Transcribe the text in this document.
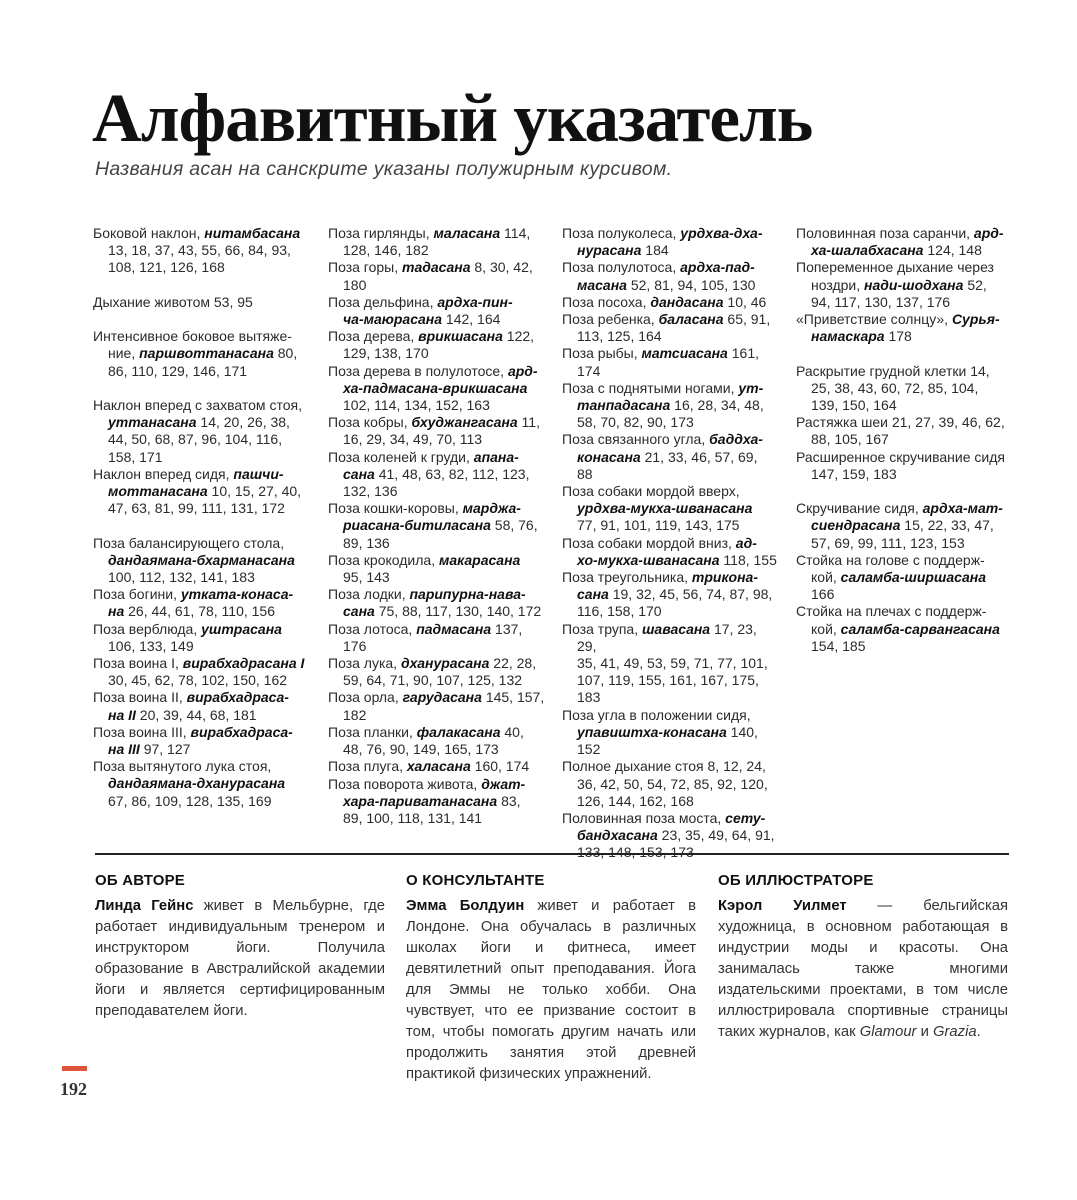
Алфавитный указатель
Названия асан на санскрите указаны полужирным курсивом.

Боковой наклон, нитамбасана
13, 18, 37, 43, 55, 66, 84, 93,
108, 121, 126, 168

Дыхание животом 53, 95

Интенсивное боковое вытяже-
ние, паршвоттанасана 80,
86, 110, 129, 146, 171

Наклон вперед с захватом стоя,
уттанасана 14, 20, 26, 38,
44, 50, 68, 87, 96, 104, 116,
158, 171

Наклон вперед сидя, пашчи-
моттанасана 10, 15, 27, 40,
47, 63, 81, 99, 111, 131, 172

Поза балансирующего стола,
дандаямана-бхарманасана
100, 112, 132, 141, 183

Поза богини, утката-конаса-
на 26, 44, 61, 78, 110, 156

Поза верблюда, уштрасана
106, 133, 149

Поза воина I, вирабхадрасана I
30, 45, 62, 78, 102, 150, 162

Поза воина II, вирабхадраса-
на II 20, 39, 44, 68, 181

Поза воина III, вирабхадраса-
на III 97, 127

Поза вытянутого лука стоя,
дандаямана-дханурасана
67, 86, 109, 128, 135, 169

Поза гирлянды, маласана 114,
128, 146, 182

Поза горы, тадасана 8, 30, 42,
180

Поза дельфина, ардха-пин-
ча-маюрасана 142, 164

Поза дерева, врикшасана 122,
129, 138, 170

Поза дерева в полулотосе, ард-
ха-падмасана-врикшасана
102, 114, 134, 152, 163

Поза кобры, бхуджангасана 11,
16, 29, 34, 49, 70, 113

Поза коленей к груди, апана-
сана 41, 48, 63, 82, 112, 123,
132, 136

Поза кошки-коровы, марджа-
риасана-битиласана 58, 76,
89, 136

Поза крокодила, макарасана
95, 143

Поза лодки, парипурна-нава-
сана 75, 88, 117, 130, 140, 172

Поза лотоса, падмасана 137, 176

Поза лука, дханурасана 22, 28,
59, 64, 71, 90, 107, 125, 132

Поза орла, гарудасана 145, 157,
182

Поза планки, фалакасана 40,
48, 76, 90, 149, 165, 173

Поза плуга, халасана 160, 174

Поза поворота живота, джат-
хара-париватанасана 83,
89, 100, 118, 131, 141

Поза полуколеса, урдхва-дха-
нурасана 184

Поза полулотоса, ардха-пад-
масана 52, 81, 94, 105, 130

Поза посоха, дандасана 10, 46

Поза ребенка, баласана 65, 91,
113, 125, 164

Поза рыбы, матсиасана 161, 174

Поза с поднятыми ногами, ут-
танпадасана 16, 28, 34, 48,
58, 70, 82, 90, 173

Поза связанного угла, баддха-
конасана 21, 33, 46, 57, 69,
88

Поза собаки мордой вверх,
урдхва-мукха-шванасана
77, 91, 101, 119, 143, 175

Поза собаки мордой вниз, ад-
хо-мукха-шванасана 118, 155

Поза треугольника, трикона-
сана 19, 32, 45, 56, 74, 87, 98,
116, 158, 170

Поза трупа, шавасана 17, 23, 29,
35, 41, 49, 53, 59, 71, 77, 101,
107, 119, 155, 161, 167, 175, 183

Поза угла в положении сидя,
упавиштха-конасана 140,
152

Полное дыхание стоя 8, 12, 24,
36, 42, 50, 54, 72, 85, 92, 120,
126, 144, 162, 168

Половинная поза моста, сету-
бандхасана 23, 35, 49, 64, 91,
133, 148, 153, 173

Половинная поза саранчи, ард-
ха-шалабхасана 124, 148

Попеременное дыхание через
ноздри, нади-шодхана 52,
94, 117, 130, 137, 176

«Приветствие солнцу», Сурья-
намаскара 178

Раскрытие грудной клетки 14,
25, 38, 43, 60, 72, 85, 104,
139, 150, 164

Растяжка шеи 21, 27, 39, 46, 62,
88, 105, 167

Расширенное скручивание сидя
147, 159, 183

Скручивание сидя, ардха-мат-
сиендрасана 15, 22, 33, 47,
57, 69, 99, 111, 123, 153

Стойка на голове с поддерж-
кой, саламба-ширшасана
166

Стойка на плечах с поддерж-
кой, саламба-сарвангасана
154, 185

ОБ АВТОРЕ

Линда Гейнс живет в Мельбурне, где работает индивидуальным тренером и инструктором йоги. Получила образование в Австралийской академии йоги и является сертифицированным преподавателем йоги.

О КОНСУЛЬТАНТЕ

Эмма Болдуин живет и работает в Лондоне. Она обучалась в различных школах йоги и фитнеса, имеет девятилетний опыт преподавания. Йога для Эммы не только хобби. Она чувствует, что ее призвание состоит в том, чтобы помогать другим начать или продолжить занятия этой древней практикой физических упражнений.

ОБ ИЛЛЮСТРАТОРЕ

Кэрол Уилмет — бельгийская художница, в основном работающая в индустрии моды и красоты. Она занималась также многими издательскими проектами, в том числе иллюстрировала спортивные страницы таких журналов, как Glamour и Grazia.

192
